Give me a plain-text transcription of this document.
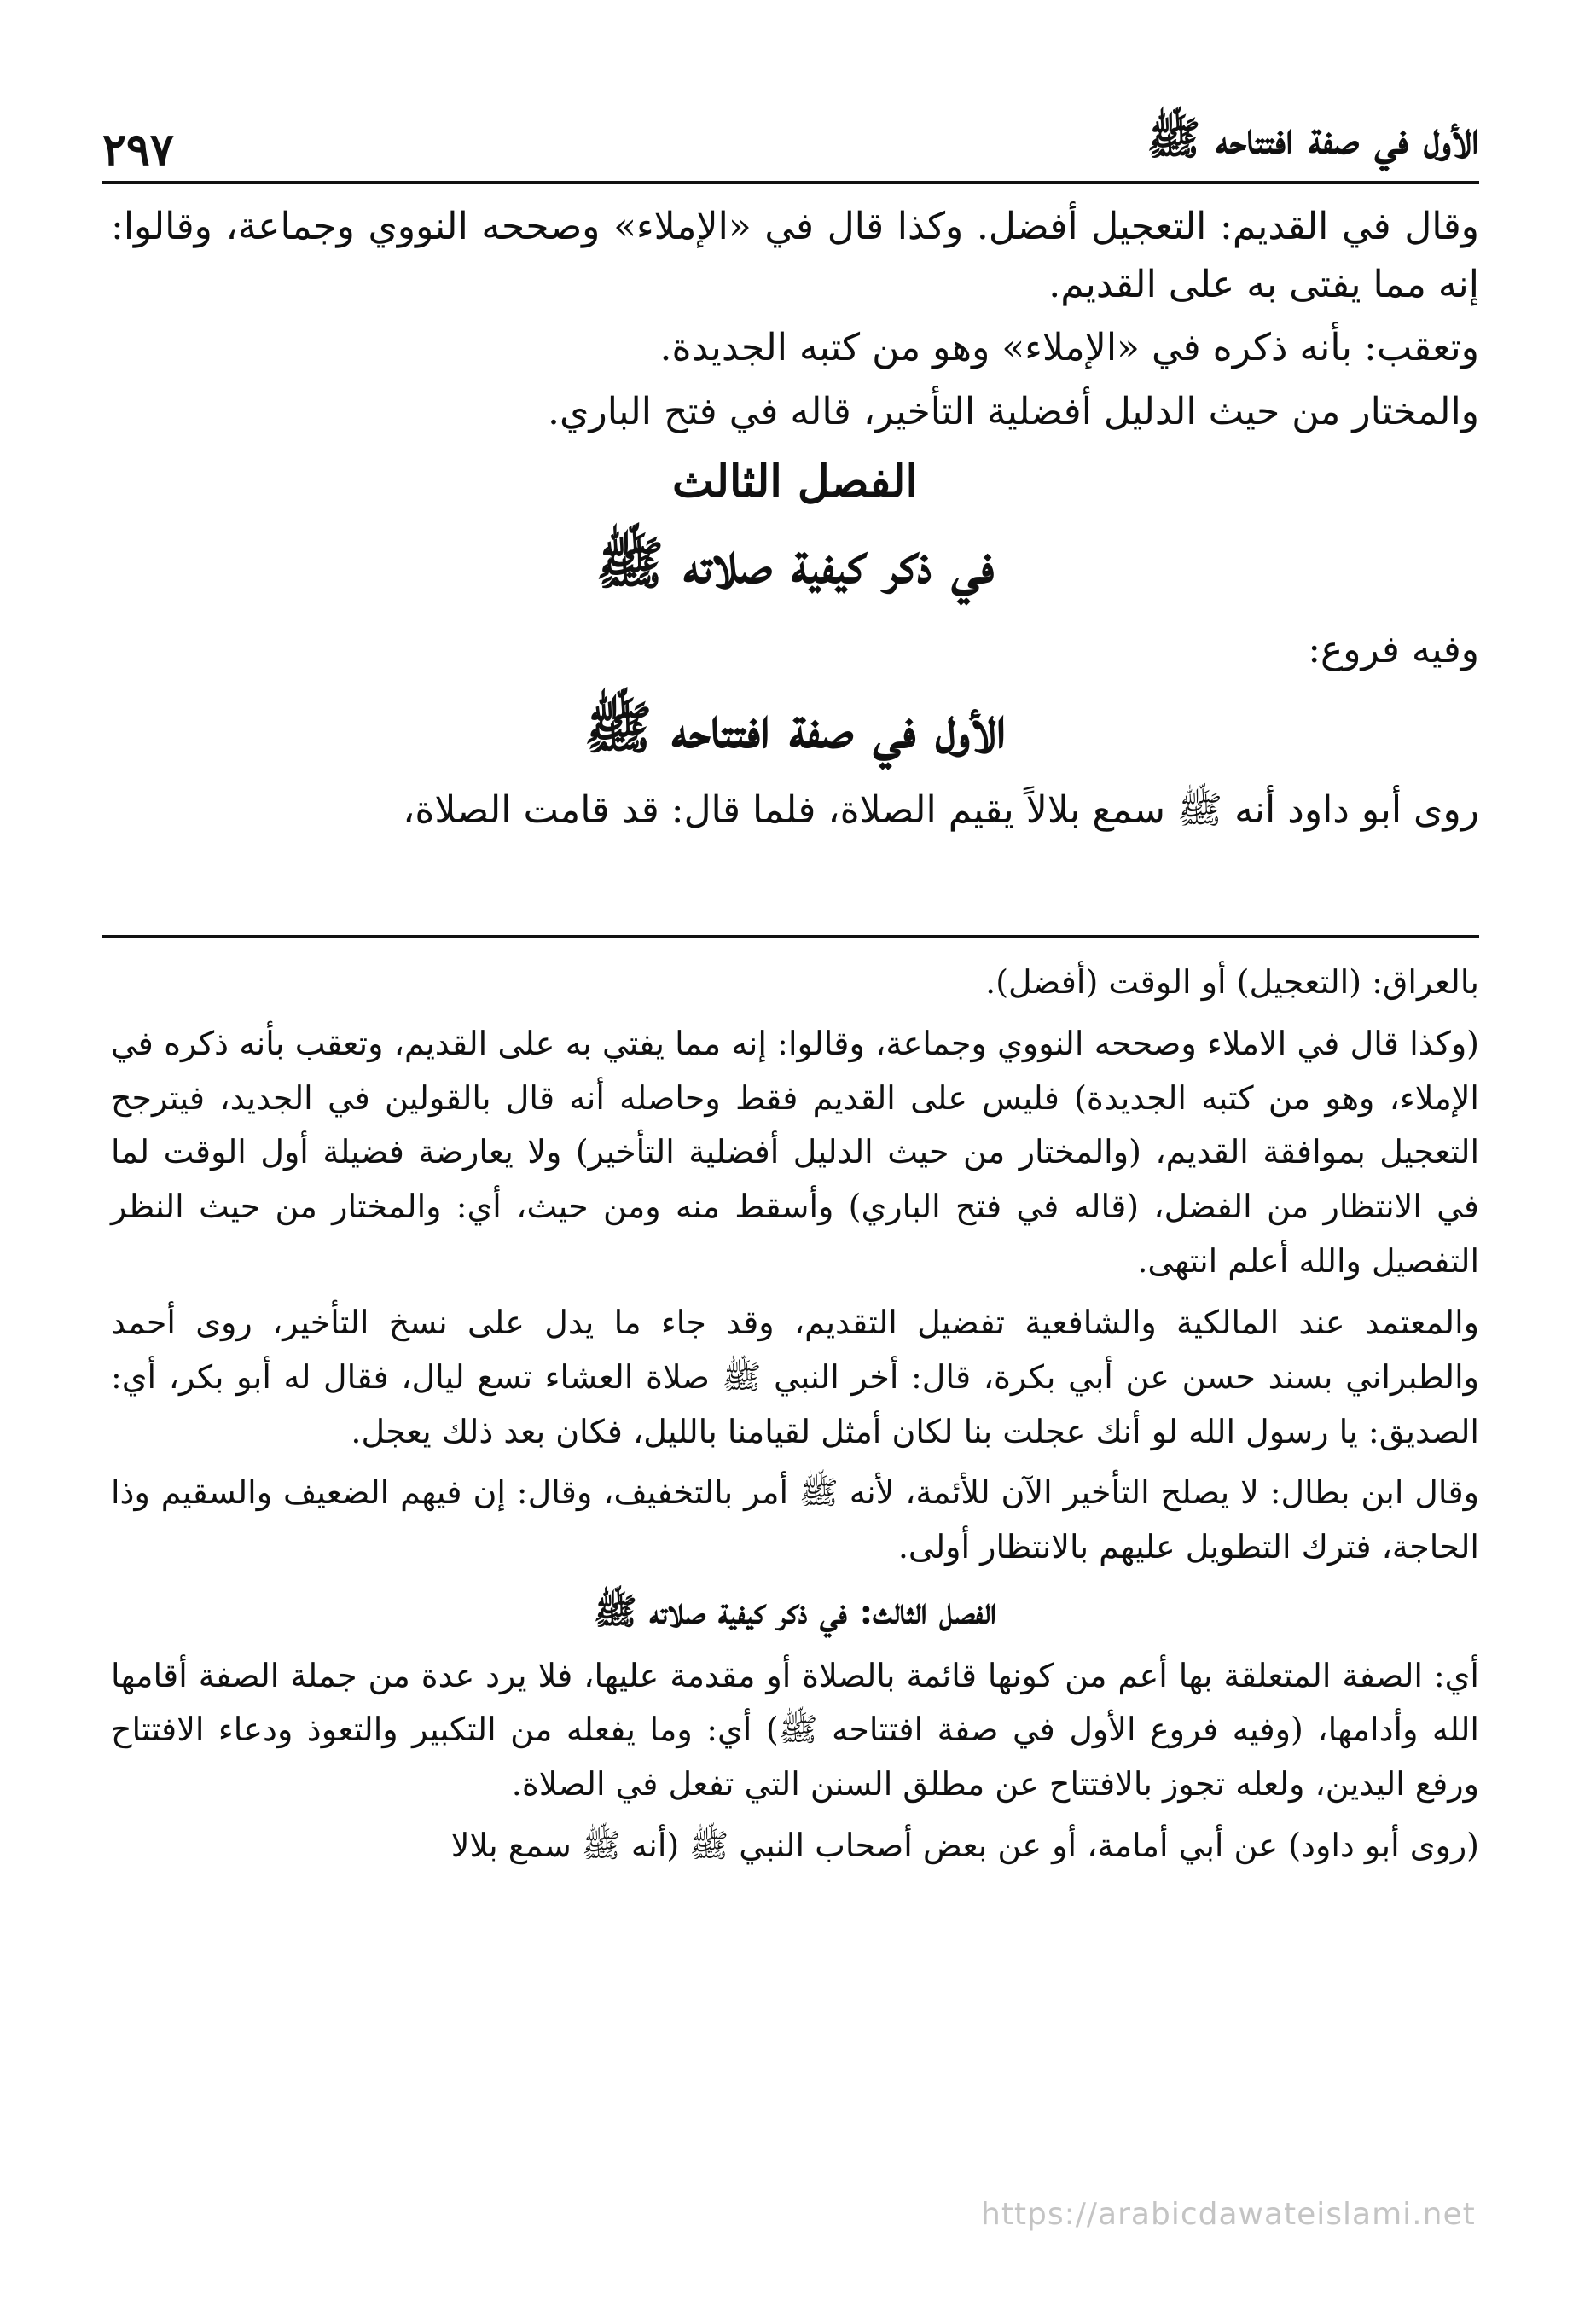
الأول في صفة افتتاحه ﷺ
٢٩٧

وقال في القديم: التعجيل أفضل. وكذا قال في «الإملاء» وصححه النووي وجماعة، وقالوا: إنه مما يفتى به على القديم.

وتعقب: بأنه ذكره في «الإملاء» وهو من كتبه الجديدة.

والمختار من حيث الدليل أفضلية التأخير، قاله في فتح الباري.

الفصل الثالث
في ذكر كيفية صلاته ﷺ

وفيه فروع:

الأول في صفة افتتاحه ﷺ

روى أبو داود أنه ﷺ سمع بلالاً يقيم الصلاة، فلما قال: قد قامت الصلاة،

بالعراق: (التعجيل) أو الوقت (أفضل).

(وكذا قال في الاملاء وصححه النووي وجماعة، وقالوا: إنه مما يفتي به على القديم، وتعقب بأنه ذكره في الإملاء، وهو من كتبه الجديدة) فليس على القديم فقط وحاصله أنه قال بالقولين في الجديد، فيترجح التعجيل بموافقة القديم، (والمختار من حيث الدليل أفضلية التأخير) ولا يعارضة فضيلة أول الوقت لما في الانتظار من الفضل، (قاله في فتح الباري) وأسقط منه ومن حيث، أي: والمختار من حيث النظر التفصيل والله أعلم انتهى.

والمعتمد عند المالكية والشافعية تفضيل التقديم، وقد جاء ما يدل على نسخ التأخير، روى أحمد والطبراني بسند حسن عن أبي بكرة، قال: أخر النبي ﷺ صلاة العشاء تسع ليال، فقال له أبو بكر، أي: الصديق: يا رسول الله لو أنك عجلت بنا لكان أمثل لقيامنا بالليل، فكان بعد ذلك يعجل.

وقال ابن بطال: لا يصلح التأخير الآن للأئمة، لأنه ﷺ أمر بالتخفيف، وقال: إن فيهم الضعيف والسقيم وذا الحاجة، فترك التطويل عليهم بالانتظار أولى.

الفصل الثالث: في ذكر كيفية صلاته ﷺ

أي: الصفة المتعلقة بها أعم من كونها قائمة بالصلاة أو مقدمة عليها، فلا يرد عدة من جملة الصفة أقامها الله وأدامها، (وفيه فروع الأول في صفة افتتاحه ﷺ) أي: وما يفعله من التكبير والتعوذ ودعاء الافتتاح ورفع اليدين، ولعله تجوز بالافتتاح عن مطلق السنن التي تفعل في الصلاة.

(روى أبو داود) عن أبي أمامة، أو عن بعض أصحاب النبي ﷺ (أنه ﷺ سمع بلالا

https://arabicdawateislami.net
